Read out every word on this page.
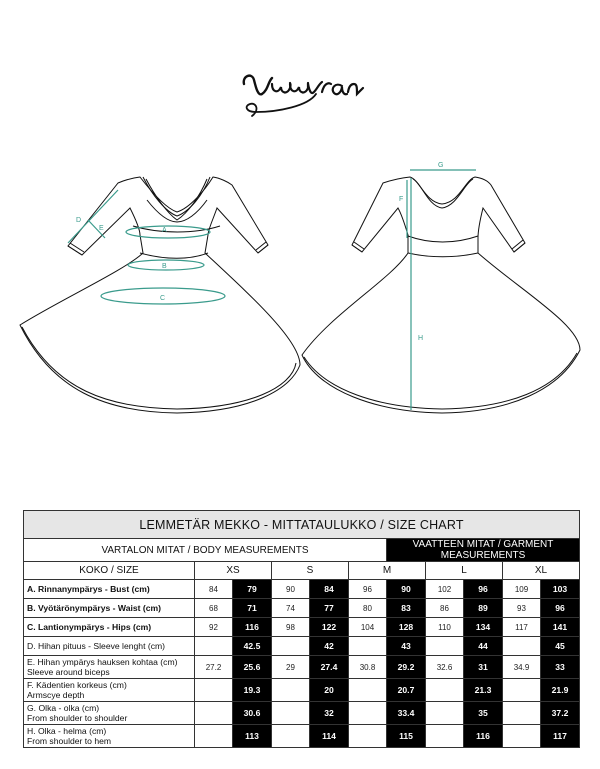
A
B
C
D
E
F
G
H
LEMMETÄR MEKKO - MITTATAULUKKO / SIZE CHART										
VARTALON MITAT / BODY MEASUREMENTS						VAATTEEN MITAT / GARMENT MEASUREMENTS				
KOKO / SIZE	XS		S		M		L		XL	
A. Rinnanympärys - Bust (cm)	84	79	90	84	96	90	102	96	109	103
B. Vyötärönympärys - Waist (cm)	68	71	74	77	80	83	86	89	93	96
C. Lantionympärys - Hips (cm)	92	116	98	122	104	128	110	134	117	141
D. Hihan pituus - Sleeve lenght (cm)		42.5		42		43		44		45
E. Hihan ympärys hauksen kohtaa (cm)
Sleeve around biceps	27.2	25.6	29	27.4	30.8	29.2	32.6	31	34.9	33
F. Kädentien korkeus (cm)
Armscye depth		19.3		20		20.7		21.3		21.9
G. Olka - olka (cm)
From shoulder to shoulder		30.6		32		33.4		35		37.2
H. Olka - helma (cm)
From shoulder to hem		113		114		115		116		117
